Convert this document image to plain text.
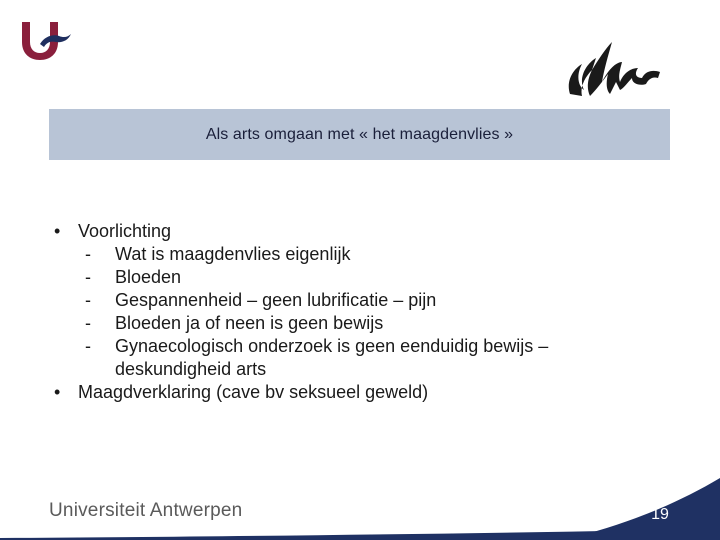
Als arts omgaan met « het maagdenvlies »
• Voorlichting
-	Wat is maagdenvlies eigenlijk
-	Bloeden
-	Gespannenheid – geen lubrificatie – pijn
-	Bloeden ja of neen is geen bewijs
-	Gynaecologisch onderzoek is geen eenduidig bewijs – deskundigheid arts
• Maagdverklaring (cave bv seksueel geweld)
Universiteit Antwerpen	19
